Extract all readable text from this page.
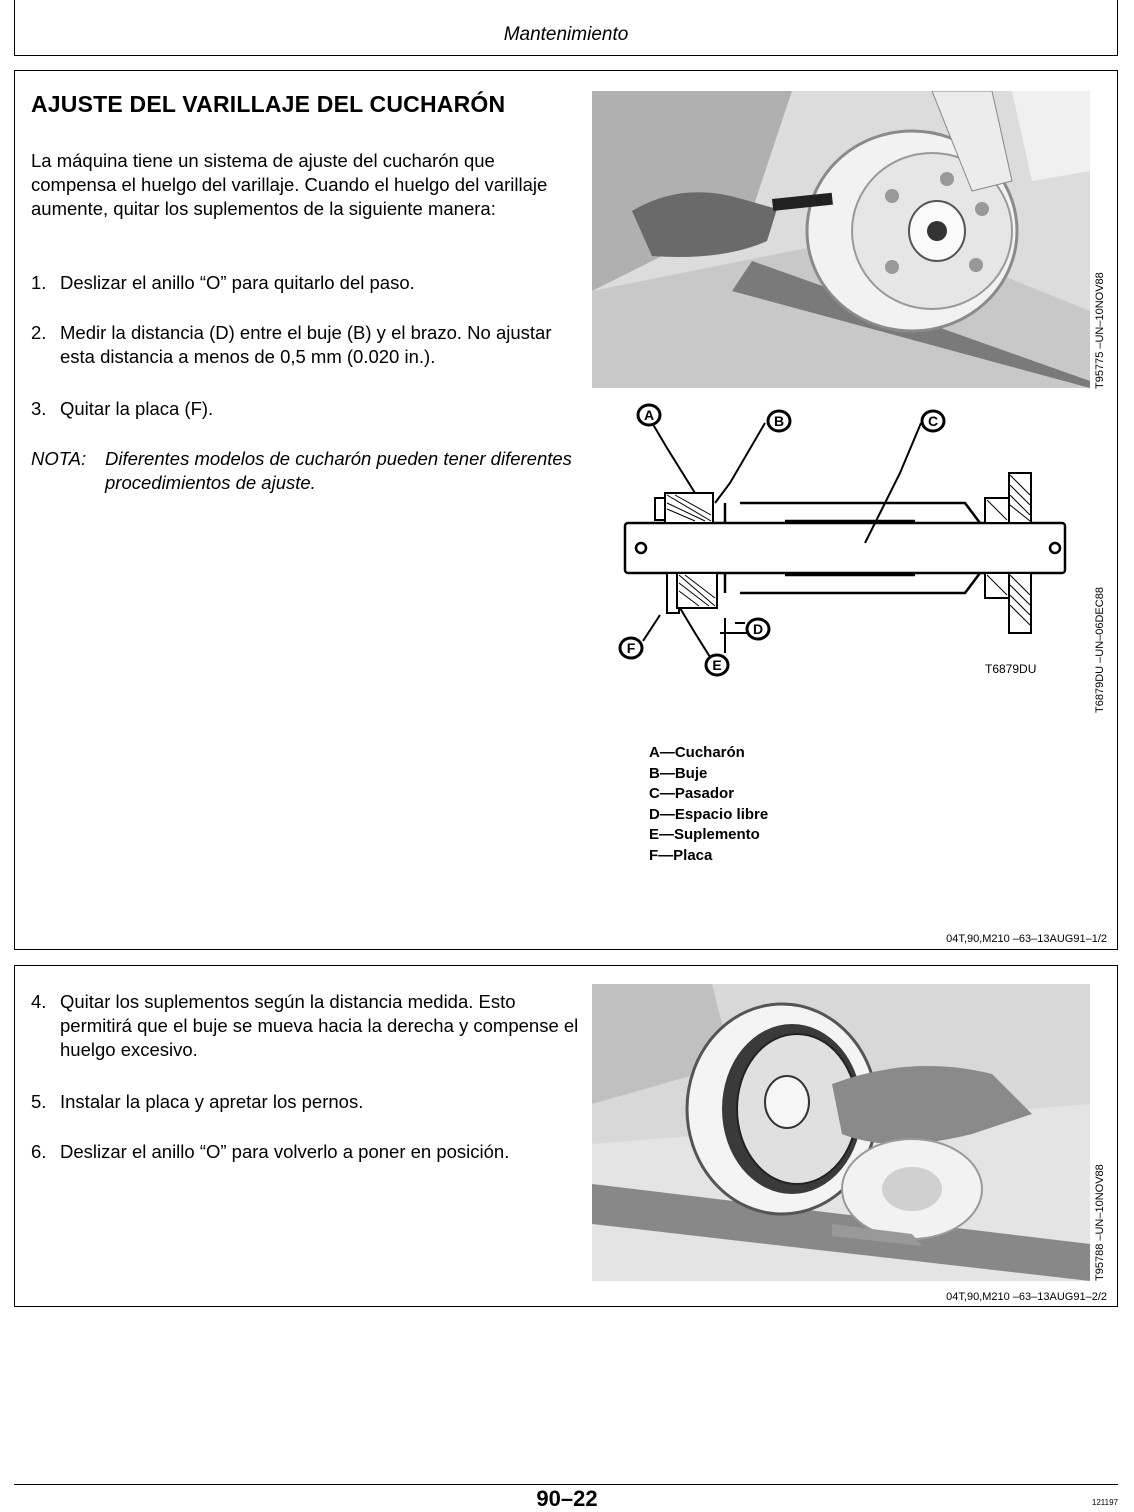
Mantenimiento
AJUSTE DEL VARILLAJE DEL CUCHARÓN
La máquina tiene un sistema de ajuste del cucharón que compensa el huelgo del varillaje. Cuando el huelgo del varillaje aumente, quitar los suplementos de la siguiente manera:
1. Deslizar el anillo “O” para quitarlo del paso.
2. Medir la distancia (D) entre el buje (B) y el brazo. No ajustar esta distancia a menos de 0,5 mm (0.020 in.).
3. Quitar la placa (F).
NOTA: Diferentes modelos de cucharón pueden tener diferentes procedimientos de ajuste.
T95775 –UN–10NOV88
A	B	C
D
E
F
T6879DU	T6879DU –UN–06DEC88
A—Cucharón
B—Buje
C—Pasador
D—Espacio libre
E—Suplemento
F—Placa
04T,90,M210 –63–13AUG91–1/2
4. Quitar los suplementos según la distancia medida. Esto permitirá que el buje se mueva hacia la derecha y compense el huelgo excesivo.
5. Instalar la placa y apretar los pernos.
6. Deslizar el anillo “O” para volverlo a poner en posición.
T95788 –UN–10NOV88
04T,90,M210 –63–13AUG91–2/2
90–22	121197
